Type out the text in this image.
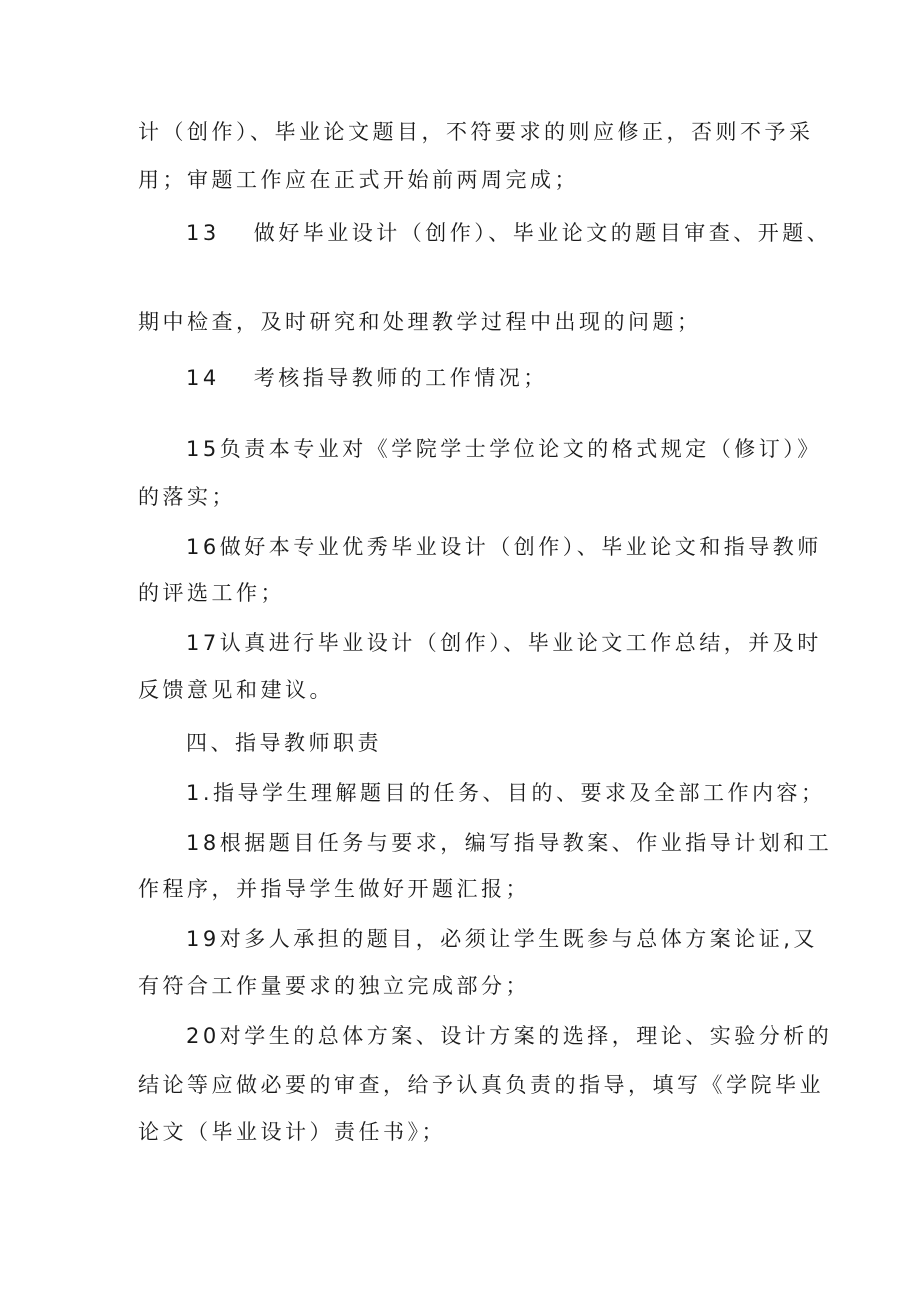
计（创作）、毕业论文题目，不符要求的则应修正，否则不予采
用；审题工作应在正式开始前两周完成；
13 做好毕业设计（创作）、毕业论文的题目审查、开题、
期中检查，及时研究和处理教学过程中出现的问题；
14 考核指导教师的工作情况；
15负责本专业对《学院学士学位论文的格式规定（修订）》
的落实；
16做好本专业优秀毕业设计（创作）、毕业论文和指导教师
的评选工作；
17认真进行毕业设计（创作）、毕业论文工作总结，并及时
反馈意见和建议。
四、指导教师职责
1.指导学生理解题目的任务、目的、要求及全部工作内容；
18根据题目任务与要求，编写指导教案、作业指导计划和工
作程序，并指导学生做好开题汇报；
19对多人承担的题目，必须让学生既参与总体方案论证,又
有符合工作量要求的独立完成部分；
20对学生的总体方案、设计方案的选择，理论、实验分析的
结论等应做必要的审查，给予认真负责的指导，填写《学院毕业
论文（毕业设计）责任书》；
